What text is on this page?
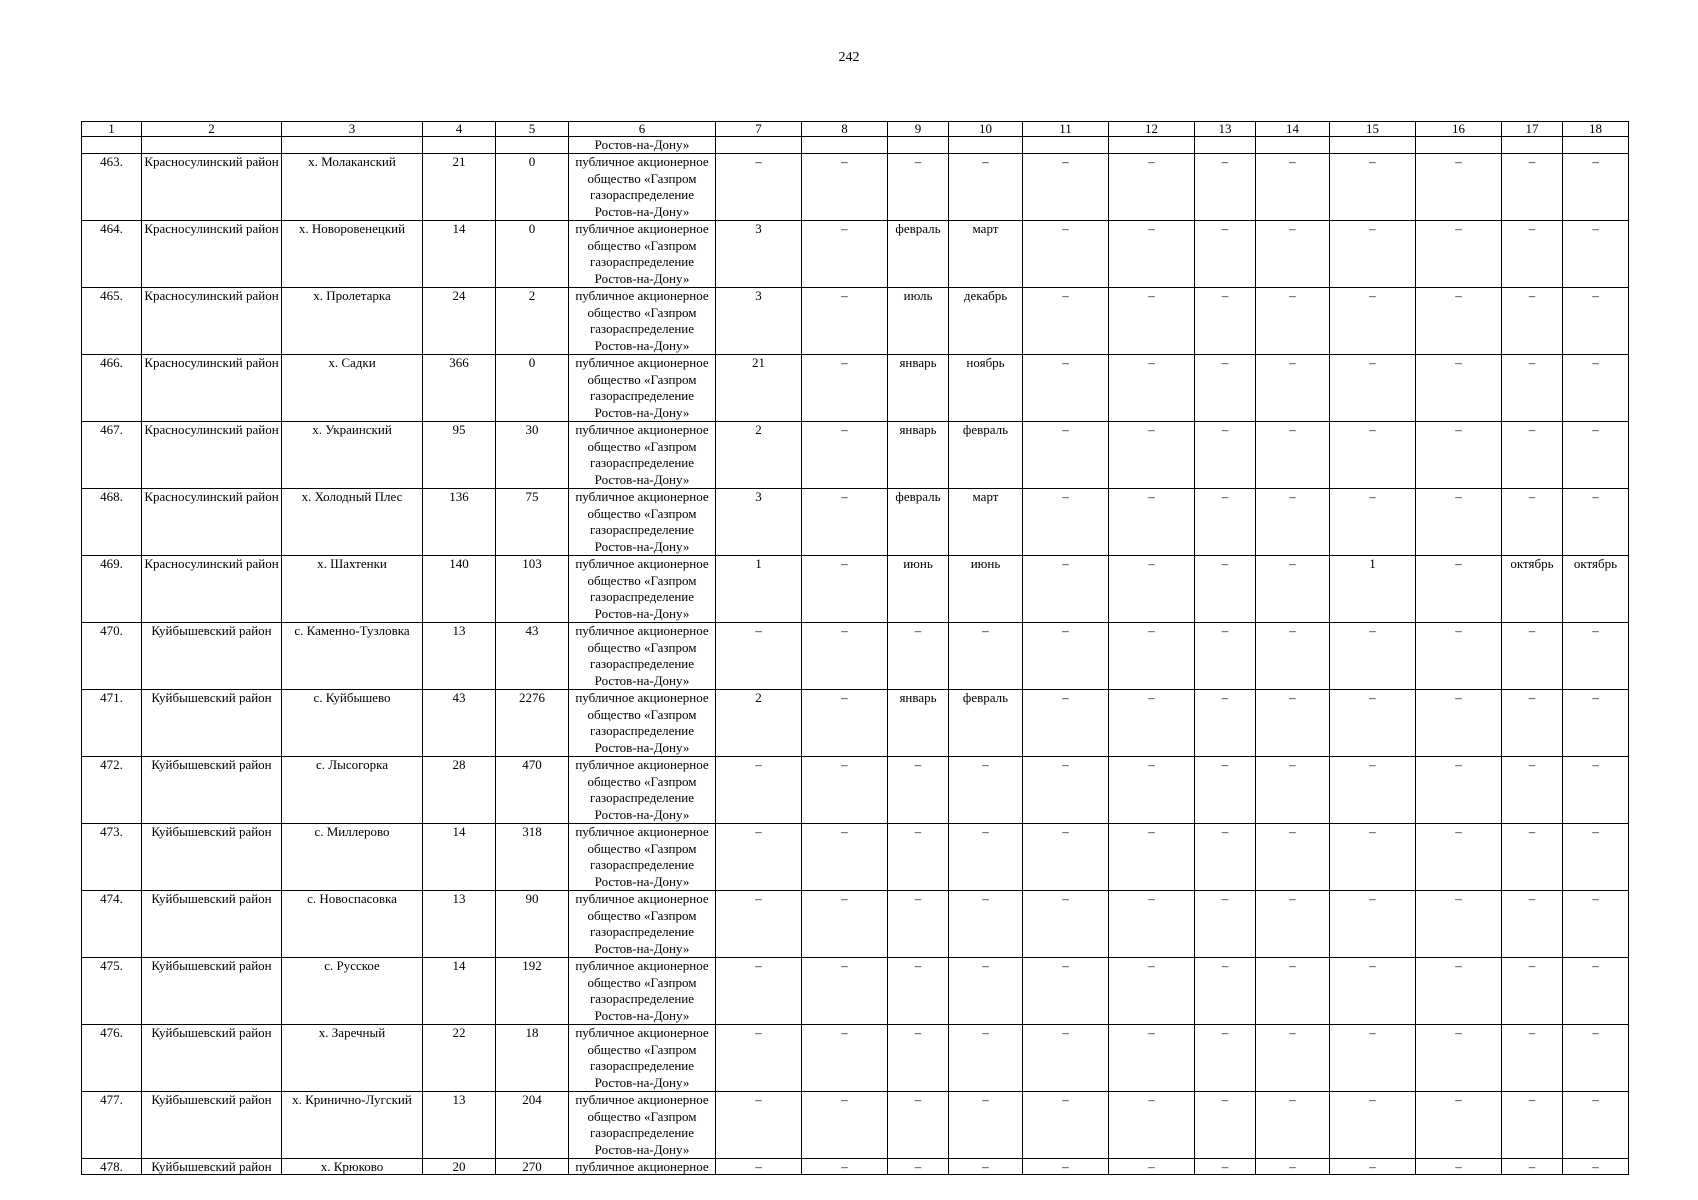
242
1	2	3	4	5	6	7	8	9	10	11	12	13	14	15	16	17	18
					Ростов-на-Дону»												
463.	Красносулинский район	х. Молаканский	21	0	публичное акционерное общество «Газпром газораспределение Ростов-на-Дону»	–	–	–	–	–	–	–	–	–	–	–	–
464.	Красносулинский район	х. Новоровенецкий	14	0	публичное акционерное общество «Газпром газораспределение Ростов-на-Дону»	3	–	февраль	март	–	–	–	–	–	–	–	–
465.	Красносулинский район	х. Пролетарка	24	2	публичное акционерное общество «Газпром газораспределение Ростов-на-Дону»	3	–	июль	декабрь	–	–	–	–	–	–	–	–
466.	Красносулинский район	х. Садки	366	0	публичное акционерное общество «Газпром газораспределение Ростов-на-Дону»	21	–	январь	ноябрь	–	–	–	–	–	–	–	–
467.	Красносулинский район	х. Украинский	95	30	публичное акционерное общество «Газпром газораспределение Ростов-на-Дону»	2	–	январь	февраль	–	–	–	–	–	–	–	–
468.	Красносулинский район	х. Холодный Плес	136	75	публичное акционерное общество «Газпром газораспределение Ростов-на-Дону»	3	–	февраль	март	–	–	–	–	–	–	–	–
469.	Красносулинский район	х. Шахтенки	140	103	публичное акционерное общество «Газпром газораспределение Ростов-на-Дону»	1	–	июнь	июнь	–	–	–	–	1	–	октябрь	октябрь
470.	Куйбышевский район	с. Каменно-Тузловка	13	43	публичное акционерное общество «Газпром газораспределение Ростов-на-Дону»	–	–	–	–	–	–	–	–	–	–	–	–
471.	Куйбышевский район	с. Куйбышево	43	2276	публичное акционерное общество «Газпром газораспределение Ростов-на-Дону»	2	–	январь	февраль	–	–	–	–	–	–	–	–
472.	Куйбышевский район	с. Лысогорка	28	470	публичное акционерное общество «Газпром газораспределение Ростов-на-Дону»	–	–	–	–	–	–	–	–	–	–	–	–
473.	Куйбышевский район	с. Миллерово	14	318	публичное акционерное общество «Газпром газораспределение Ростов-на-Дону»	–	–	–	–	–	–	–	–	–	–	–	–
474.	Куйбышевский район	с. Новоспасовка	13	90	публичное акционерное общество «Газпром газораспределение Ростов-на-Дону»	–	–	–	–	–	–	–	–	–	–	–	–
475.	Куйбышевский район	с. Русское	14	192	публичное акционерное общество «Газпром газораспределение Ростов-на-Дону»	–	–	–	–	–	–	–	–	–	–	–	–
476.	Куйбышевский район	х. Заречный	22	18	публичное акционерное общество «Газпром газораспределение Ростов-на-Дону»	–	–	–	–	–	–	–	–	–	–	–	–
477.	Куйбышевский район	х. Кринично-Лугский	13	204	публичное акционерное общество «Газпром газораспределение Ростов-на-Дону»	–	–	–	–	–	–	–	–	–	–	–	–
478.	Куйбышевский район	х. Крюково	20	270	публичное акционерное	–	–	–	–	–	–	–	–	–	–	–	–
